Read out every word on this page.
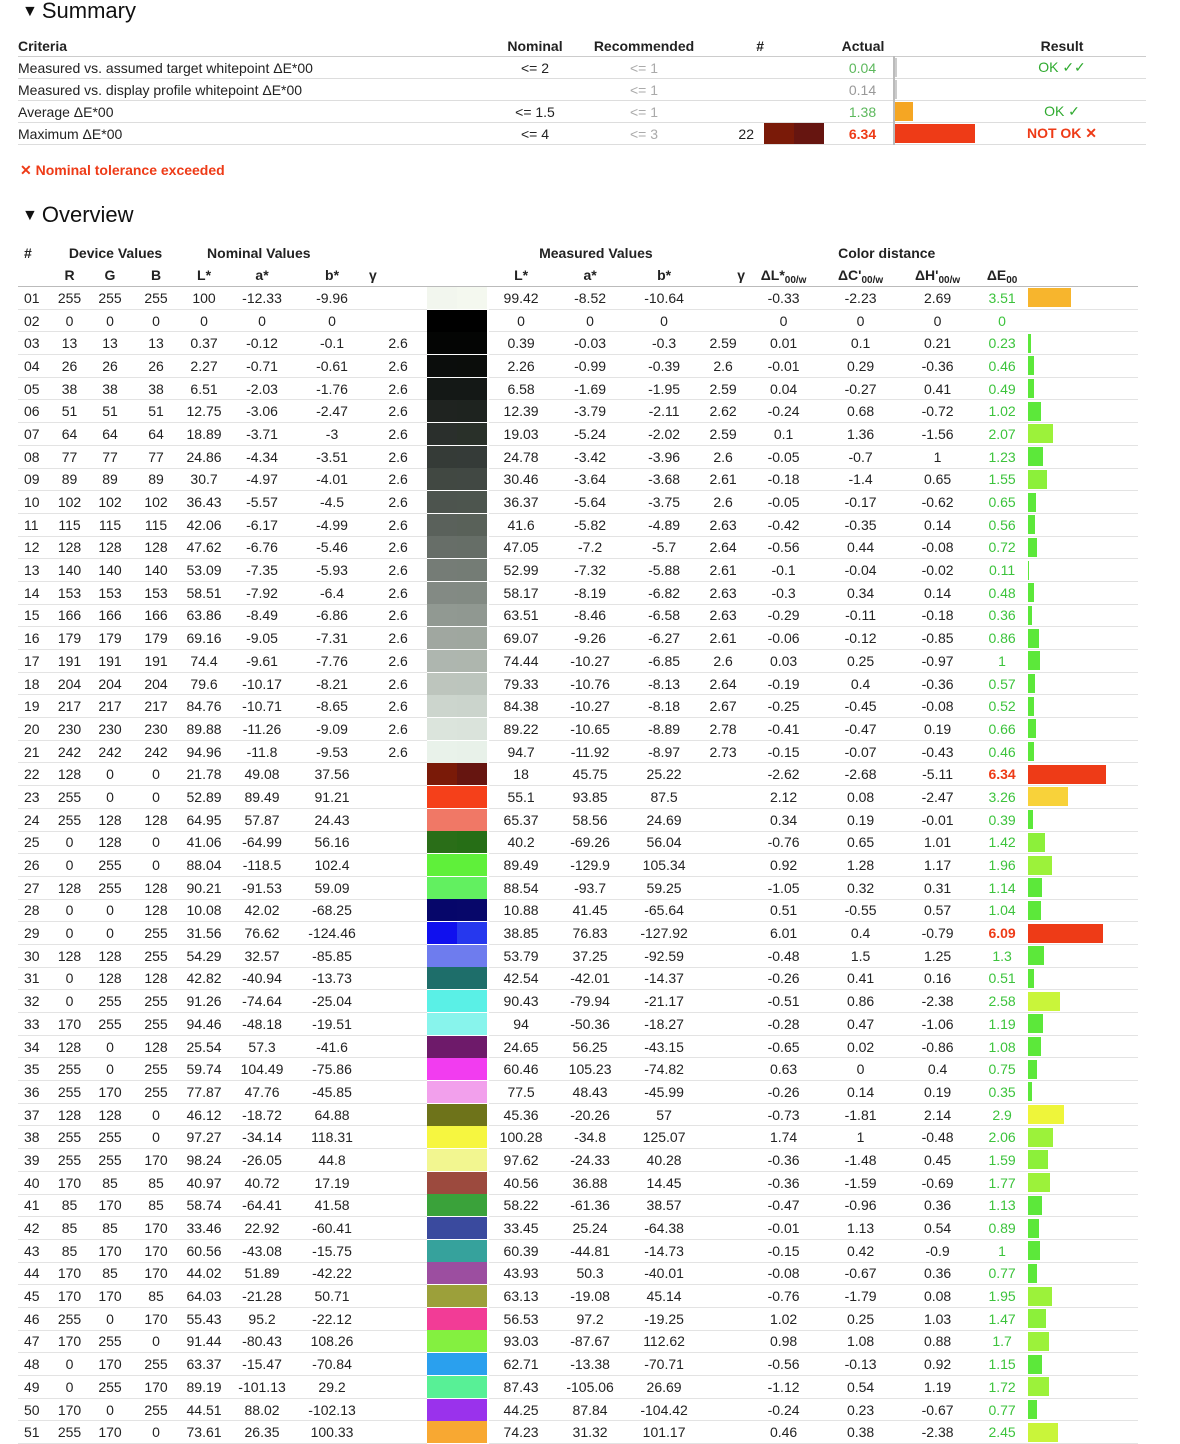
▼ Summary
Criteria	Nominal	Recommended	#		Actual		Result
Measured vs. assumed target whitepoint ΔE*00	<= 2	<= 1			0.04		OK ✓✓
Measured vs. display profile whitepoint ΔE*00		<= 1			0.14	

Average ΔE*00	<= 1.5	<= 1			1.38		OK ✓
Maximum ΔE*00	<= 4	<= 3	22		6.34		NOT OK ✕
✕ Nominal tolerance exceeded
▼ Overview
#	Device Values			Nominal Values					Measured Values					Color distance				
	R	G	B	L*	a*	b*	γ		L*	a*	b*	γ	$\Delta L*_{00/w}$	$\Delta C'_{00/w}$	$\Delta H'_{00/w}$	$\Delta E_{00}$	
01	255	255	255	100	-12.33	-9.96			99.42	-8.52	-10.64		-0.33	-2.23	2.69	3.51		

02	0	0	0	0	0	0			0	0	0		0	0	0	0		

03	13	13	13	0.37	-0.12	-0.1	2.6		0.39	-0.03	-0.3	2.59	0.01	0.1	0.21	0.23		

04	26	26	26	2.27	-0.71	-0.61	2.6		2.26	-0.99	-0.39	2.6	-0.01	0.29	-0.36	0.46		

05	38	38	38	6.51	-2.03	-1.76	2.6		6.58	-1.69	-1.95	2.59	0.04	-0.27	0.41	0.49		

06	51	51	51	12.75	-3.06	-2.47	2.6		12.39	-3.79	-2.11	2.62	-0.24	0.68	-0.72	1.02		

07	64	64	64	18.89	-3.71	-3	2.6		19.03	-5.24	-2.02	2.59	0.1	1.36	-1.56	2.07		

08	77	77	77	24.86	-4.34	-3.51	2.6		24.78	-3.42	-3.96	2.6	-0.05	-0.7	1	1.23		

09	89	89	89	30.7	-4.97	-4.01	2.6		30.46	-3.64	-3.68	2.61	-0.18	-1.4	0.65	1.55		

10	102	102	102	36.43	-5.57	-4.5	2.6		36.37	-5.64	-3.75	2.6	-0.05	-0.17	-0.62	0.65		

11	115	115	115	42.06	-6.17	-4.99	2.6		41.6	-5.82	-4.89	2.63	-0.42	-0.35	0.14	0.56		

12	128	128	128	47.62	-6.76	-5.46	2.6		47.05	-7.2	-5.7	2.64	-0.56	0.44	-0.08	0.72		

13	140	140	140	53.09	-7.35	-5.93	2.6		52.99	-7.32	-5.88	2.61	-0.1	-0.04	-0.02	0.11		

14	153	153	153	58.51	-7.92	-6.4	2.6		58.17	-8.19	-6.82	2.63	-0.3	0.34	0.14	0.48		

15	166	166	166	63.86	-8.49	-6.86	2.6		63.51	-8.46	-6.58	2.63	-0.29	-0.11	-0.18	0.36		

16	179	179	179	69.16	-9.05	-7.31	2.6		69.07	-9.26	-6.27	2.61	-0.06	-0.12	-0.85	0.86		

17	191	191	191	74.4	-9.61	-7.76	2.6		74.44	-10.27	-6.85	2.6	0.03	0.25	-0.97	1		

18	204	204	204	79.6	-10.17	-8.21	2.6		79.33	-10.76	-8.13	2.64	-0.19	0.4	-0.36	0.57		

19	217	217	217	84.76	-10.71	-8.65	2.6		84.38	-10.27	-8.18	2.67	-0.25	-0.45	-0.08	0.52		

20	230	230	230	89.88	-11.26	-9.09	2.6		89.22	-10.65	-8.89	2.78	-0.41	-0.47	0.19	0.66		

21	242	242	242	94.96	-11.8	-9.53	2.6		94.7	-11.92	-8.97	2.73	-0.15	-0.07	-0.43	0.46		

22	128	0	0	21.78	49.08	37.56			18	45.75	25.22		-2.62	-2.68	-5.11	6.34		

23	255	0	0	52.89	89.49	91.21			55.1	93.85	87.5		2.12	0.08	-2.47	3.26		

24	255	128	128	64.95	57.87	24.43			65.37	58.56	24.69		0.34	0.19	-0.01	0.39		

25	0	128	0	41.06	-64.99	56.16			40.2	-69.26	56.04		-0.76	0.65	1.01	1.42		

26	0	255	0	88.04	-118.5	102.4			89.49	-129.9	105.34		0.92	1.28	1.17	1.96		

27	128	255	128	90.21	-91.53	59.09			88.54	-93.7	59.25		-1.05	0.32	0.31	1.14		

28	0	0	128	10.08	42.02	-68.25			10.88	41.45	-65.64		0.51	-0.55	0.57	1.04		

29	0	0	255	31.56	76.62	-124.46			38.85	76.83	-127.92		6.01	0.4	-0.79	6.09		

30	128	128	255	54.29	32.57	-85.85			53.79	37.25	-92.59		-0.48	1.5	1.25	1.3		

31	0	128	128	42.82	-40.94	-13.73			42.54	-42.01	-14.37		-0.26	0.41	0.16	0.51		

32	0	255	255	91.26	-74.64	-25.04			90.43	-79.94	-21.17		-0.51	0.86	-2.38	2.58		

33	170	255	255	94.46	-48.18	-19.51			94	-50.36	-18.27		-0.28	0.47	-1.06	1.19		

34	128	0	128	25.54	57.3	-41.6			24.65	56.25	-43.15		-0.65	0.02	-0.86	1.08		

35	255	0	255	59.74	104.49	-75.86			60.46	105.23	-74.82		0.63	0	0.4	0.75		

36	255	170	255	77.87	47.76	-45.85			77.5	48.43	-45.99		-0.26	0.14	0.19	0.35		

37	128	128	0	46.12	-18.72	64.88			45.36	-20.26	57		-0.73	-1.81	2.14	2.9		

38	255	255	0	97.27	-34.14	118.31			100.28	-34.8	125.07		1.74	1	-0.48	2.06		

39	255	255	170	98.24	-26.05	44.8			97.62	-24.33	40.28		-0.36	-1.48	0.45	1.59		

40	170	85	85	40.97	40.72	17.19			40.56	36.88	14.45		-0.36	-1.59	-0.69	1.77		

41	85	170	85	58.74	-64.41	41.58			58.22	-61.36	38.57		-0.47	-0.96	0.36	1.13		

42	85	85	170	33.46	22.92	-60.41			33.45	25.24	-64.38		-0.01	1.13	0.54	0.89		

43	85	170	170	60.56	-43.08	-15.75			60.39	-44.81	-14.73		-0.15	0.42	-0.9	1		

44	170	85	170	44.02	51.89	-42.22			43.93	50.3	-40.01		-0.08	-0.67	0.36	0.77		

45	170	170	85	64.03	-21.28	50.71			63.13	-19.08	45.14		-0.76	-1.79	0.08	1.95		

46	255	0	170	55.43	95.2	-22.12			56.53	97.2	-19.25		1.02	0.25	1.03	1.47		

47	170	255	0	91.44	-80.43	108.26			93.03	-87.67	112.62		0.98	1.08	0.88	1.7		

48	0	170	255	63.37	-15.47	-70.84			62.71	-13.38	-70.71		-0.56	-0.13	0.92	1.15		

49	0	255	170	89.19	-101.13	29.2			87.43	-105.06	26.69		-1.12	0.54	1.19	1.72		

50	170	0	255	44.51	88.02	-102.13			44.25	87.84	-104.42		-0.24	0.23	-0.67	0.77		

51	255	170	0	73.61	26.35	100.33			74.23	31.32	101.17		0.46	0.38	-2.38	2.45		
